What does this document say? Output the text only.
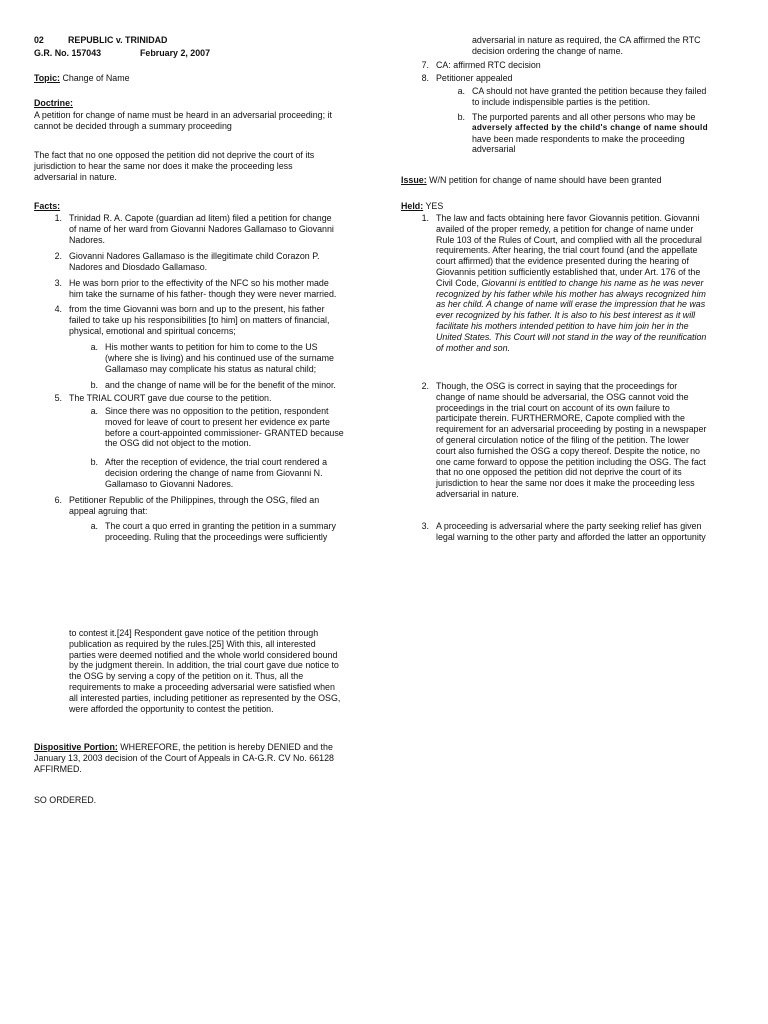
02	REPUBLIC v. TRINIDAD
G.R. No. 157043	February 2, 2007
Topic: Change of Name
Doctrine:

A petition for change of name must be heard in an adversarial proceeding; it

cannot be decided through a summary proceeding

The fact that no one opposed the petition did not deprive the court of its

jurisdiction to hear the same nor does it make the proceeding less

adversarial in nature.

Facts:
1. Trinidad R. A. Capote (guardian ad litem) filed a petition for change

of name of her ward from Giovanni Nadores Gallamaso to Giovanni

Nadores.

2. Giovanni Nadores Gallamaso is the illegitimate child Corazon P.

Nadores and Diosdado Gallamaso.

3. He was born prior to the effectivity of the NFC so his mother made

him take the surname of his father- though they were never married.

4. from the time Giovanni was born and up to the present, his father

failed to take up his responsibilities [to him] on matters of financial,

physical, emotional and spiritual concerns;

a. His mother wants to petition for him to come to the US

(where she is living) and his continued use of the surname

Gallamaso may complicate his status as natural child;

b. and the change of name will be for the benefit of the minor.

5. The TRIAL COURT gave due course to the petition.

a. Since there was no opposition to the petition, respondent

moved for leave of court to present her evidence ex parte

before a court-appointed commissioner- GRANTED because

the OSG did not object to the motion.

b. After the reception of evidence, the trial court rendered a

decision ordering the change of name from Giovanni N.

Gallamaso to Giovanni Nadores.

6. Petitioner Republic of the Philippines, through the OSG, filed an

appeal agruing that:

a. The court a quo erred in granting the petition in a summary

proceeding. Ruling that the proceedings were sufficiently

adversarial in nature as required, the CA affirmed the RTC

decision ordering the change of name.

7. CA: affirmed RTC decision

8. Petitioner appealed

a. CA should not have granted the petition because they failed

to include indispensible parties is the petition.

b. The purported parents and all other persons who may be

adversely affected by the child's change of name should

have been made respondents to make the proceeding

adversarial

Issue: W/N petition for change of name should have been granted
Held: YES
1. The law and facts obtaining here favor Giovannis petition. Giovanni

availed of the proper remedy, a petition for change of name under

Rule 103 of the Rules of Court, and complied with all the procedural

requirements. After hearing, the trial court found (and the appellate

court affirmed) that the evidence presented during the hearing of

Giovannis petition sufficiently established that, under Art. 176 of the

Civil Code, Giovanni is entitled to change his name as he was never

recognized by his father while his mother has always recognized him

as her child. A change of name will erase the impression that he was

ever recognized by his father. It is also to his best interest as it will

facilitate his mothers intended petition to have him join her in the

United States. This Court will not stand in the way of the reunification

of mother and son.

2. Though, the OSG is correct in saying that the proceedings for

change of name should be adversarial, the OSG cannot void the

proceedings in the trial court on account of its own failure to

participate therein. FURTHERMORE, Capote complied with the

requirement for an adversarial proceeding by posting in a newspaper

of general circulation notice of the filing of the petition. The lower

court also furnished the OSG a copy thereof. Despite the notice, no

one came forward to oppose the petition including the OSG. The fact

that no one opposed the petition did not deprive the court of its

jurisdiction to hear the same nor does it make the proceeding less

adversarial in nature.

3. A proceeding is adversarial where the party seeking relief has given

legal warning to the other party and afforded the latter an opportunity

to contest it.[24] Respondent gave notice of the petition through

publication as required by the rules.[25] With this, all interested

parties were deemed notified and the whole world considered bound

by the judgment therein. In addition, the trial court gave due notice to

the OSG by serving a copy of the petition on it. Thus, all the

requirements to make a proceeding adversarial were satisfied when

all interested parties, including petitioner as represented by the OSG,

were afforded the opportunity to contest the petition.

Dispositive Portion: WHEREFORE, the petition is hereby DENIED and the

January 13, 2003 decision of the Court of Appeals in CA-G.R. CV No. 66128

AFFIRMED.

SO ORDERED.
